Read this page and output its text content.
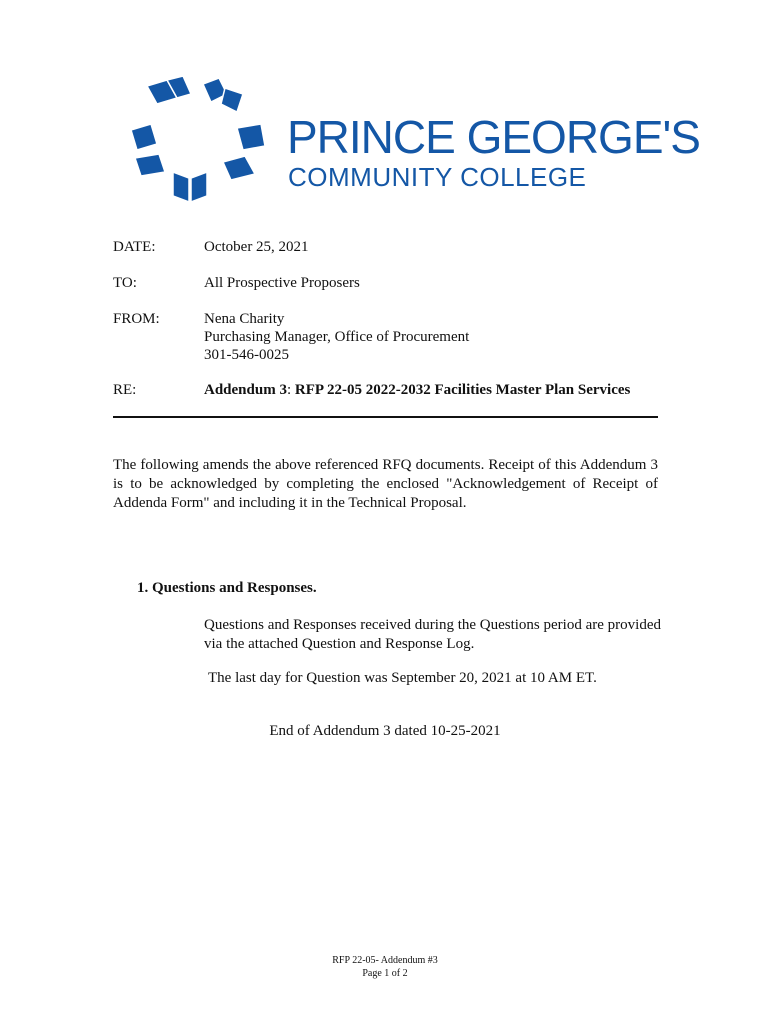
PRINCE GEORGE'S
COMMUNITY COLLEGE
DATE:	October 25, 2021
TO:	All Prospective Proposers
FROM:	Nena Charity
Purchasing Manager, Office of Procurement
301-546-0025
RE:	Addendum 3: RFP 22-05 2022-2032 Facilities Master Plan Services
The following amends the above referenced RFQ documents. Receipt of this Addendum 3 is to be acknowledged by completing the enclosed "Acknowledgement of Receipt of Addenda Form" and including it in the Technical Proposal.
1. Questions and Responses.
Questions and Responses received during the Questions period are provided via the attached Question and Response Log.
The last day for Question was September 20, 2021 at 10 AM ET.
End of Addendum 3 dated 10-25-2021
RFP 22-05- Addendum #3
Page 1 of 2
